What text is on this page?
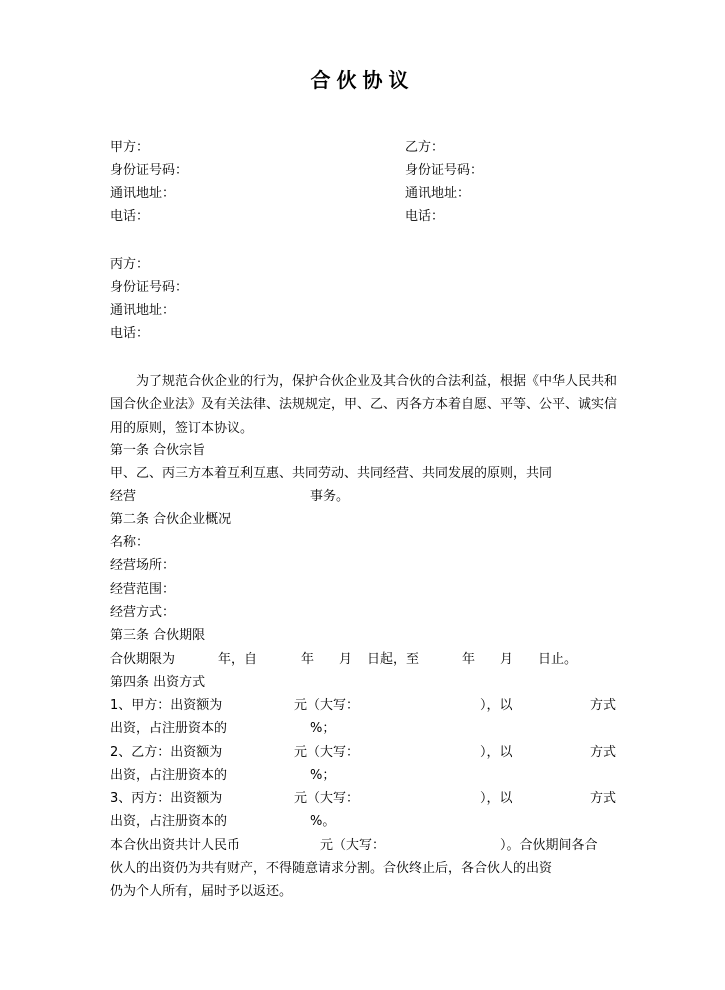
合伙协议
甲方：
身份证号码：
通讯地址：
电话：
乙方：
身份证号码：
通讯地址：
电话：
丙方：
身份证号码：
通讯地址：
电话：
为了规范合伙企业的行为，保护合伙企业及其合伙的合法利益，根据《中华人民共和国合伙企业法》及有关法律、法规规定，甲、乙、丙各方本着自愿、平等、公平、诚实信用的原则，签订本协议。
第一条 合伙宗旨
甲、乙、丙三方本着互利互惠、共同劳动、共同经营、共同发展的原则，共同
经营	事务。
第二条 合伙企业概况
名称：
经营场所：
经营范围：
经营方式：
第三条 合伙期限
合伙期限为	年，自	年 月 日起，至	年 月 日止。
第四条 出资方式
1、甲方：出资额为	元（大写：	），以	方式
出资，占注册资本的	%；
2、乙方：出资额为	元（大写：	），以	方式
出资，占注册资本的	%；
3、丙方：出资额为	元（大写：	），以	方式
出资，占注册资本的	%。
本合伙出资共计人民币	元（大写：	）。合伙期间各合
伙人的出资仍为共有财产，不得随意请求分割。合伙终止后，各合伙人的出资
仍为个人所有，届时予以返还。
